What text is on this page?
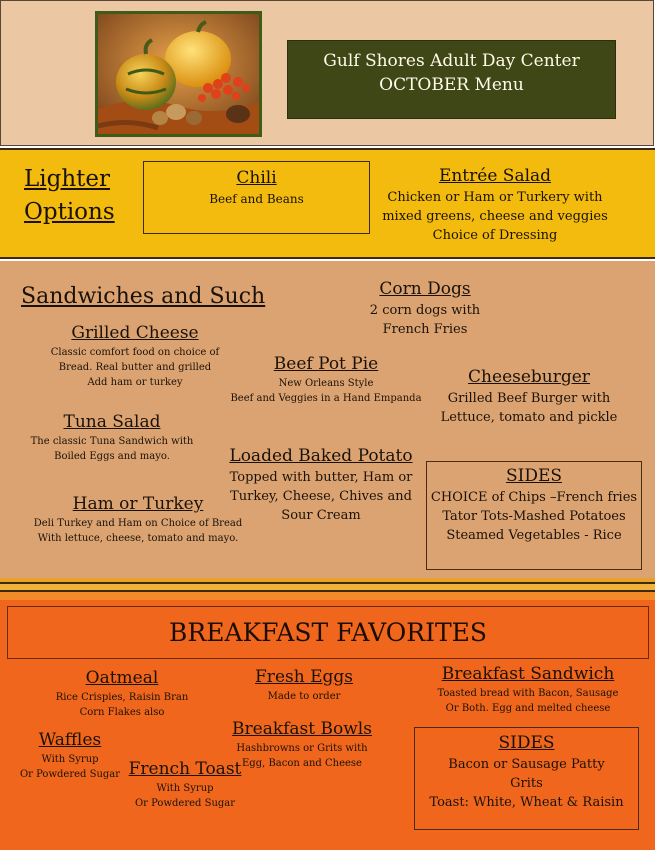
Gulf Shores Adult Day Center
OCTOBER Menu
Lighter
Options
Chili
Beef and Beans
Entrée Salad
Chicken or Ham or Turkery with
mixed greens, cheese and veggies
Choice of Dressing
Sandwiches and Such
Grilled Cheese
Classic comfort food on choice of
Bread. Real butter and grilled
Add ham or turkey
Tuna Salad
The classic Tuna Sandwich with
Boiled Eggs and mayo.
Ham or Turkey
Deli Turkey and Ham on Choice of Bread
With lettuce, cheese, tomato and mayo.
Corn Dogs
2 corn dogs with
French Fries
Beef Pot Pie
New Orleans Style
Beef and Veggies in a Hand Empanda
Loaded Baked Potato
Topped with butter, Ham or
Turkey, Cheese, Chives and
Sour Cream
Cheeseburger
Grilled Beef Burger with
Lettuce, tomato and pickle
SIDES
CHOICE of Chips –French fries
Tator Tots-Mashed Potatoes
Steamed Vegetables - Rice
BREAKFAST FAVORITES
Oatmeal
Rice Crispies, Raisin Bran
Corn Flakes also
Waffles
With Syrup
Or Powdered Sugar French Toast
With Syrup
Or Powdered Sugar
Fresh Eggs
Made to order
Breakfast Bowls
Hashbrowns or Grits with
Egg, Bacon and Cheese
Breakfast Sandwich
Toasted bread with Bacon, Sausage
Or Both. Egg and melted cheese
SIDES
Bacon or Sausage Patty
Grits
Toast: White, Wheat & Raisin
